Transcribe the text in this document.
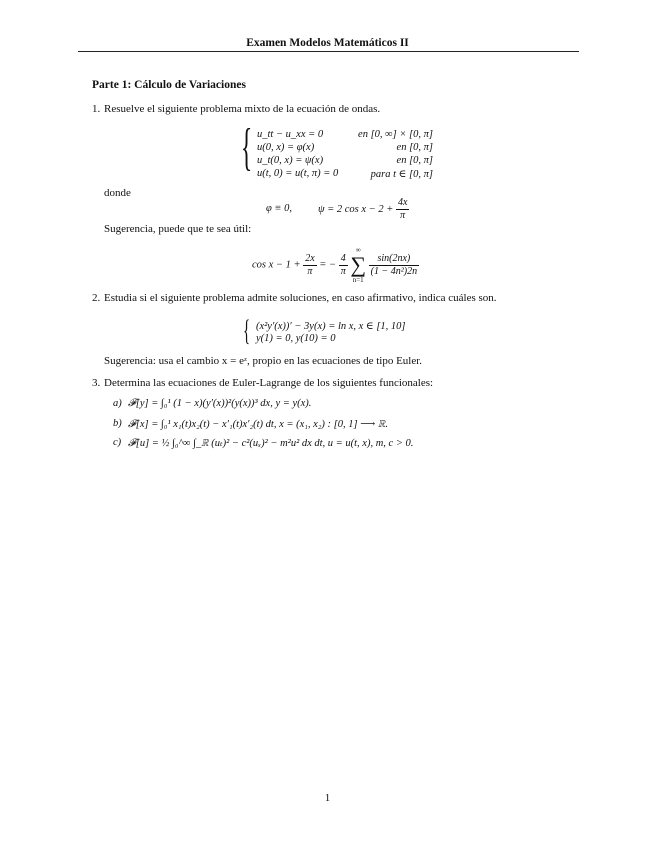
Examen Modelos Matemáticos II
Parte 1: Cálculo de Variaciones
1. Resuelve el siguiente problema mixto de la ecuación de ondas.
{ u_tt − u_xx = 0
u(0, x) = φ(x)
u_t(0, x) = ψ(x)
u(t, 0) = u(t, π) = 0
en [0, ∞] × [0, π]
en [0, π]
en [0, π]
para t ∈ [0, π]
donde
φ ≡ 0, ψ = 2 $\cos x - 2 + \frac{4x}{\pi}$
Sugerencia, puede que te sea útil:
$\cos x - 1 + \frac{2x}{\pi}$ = − $\frac{4}{\pi}$

∞
∑
n=1

$\frac{\sin(2nx)}{\text{(1 − 4n²)2n}}$
2. Estudia si el siguiente problema admite soluciones, en caso afirmativo, indica cuáles son.
{ (x²y′(x))′ − 3y(x) = ln x, x ∈ [1, 10]
y(1) = 0, y(10) = 0
Sugerencia: usa el cambio x = eᶻ, propio en las ecuaciones de tipo Euler.
3. Determina las ecuaciones de Euler-Lagrange de los siguientes funcionales:
a) 𝓕[y] = ∫₀¹ (1 − x)(y′(x))²(y(x))³ dx, y = y(x).
b) 𝓕[x] = ∫₀¹ x₁(t)x₂(t) − x′₁(t)x′₂(t) dt, x = (x₁, x₂) : [0, 1] ⟶ ℝ.
c) 𝓕[u] = ½ ∫₀^∞ ∫_ℝ (uₜ)² − c²(uₓ)² − m²u² dx dt, u = u(t, x), m, c > 0.
1
